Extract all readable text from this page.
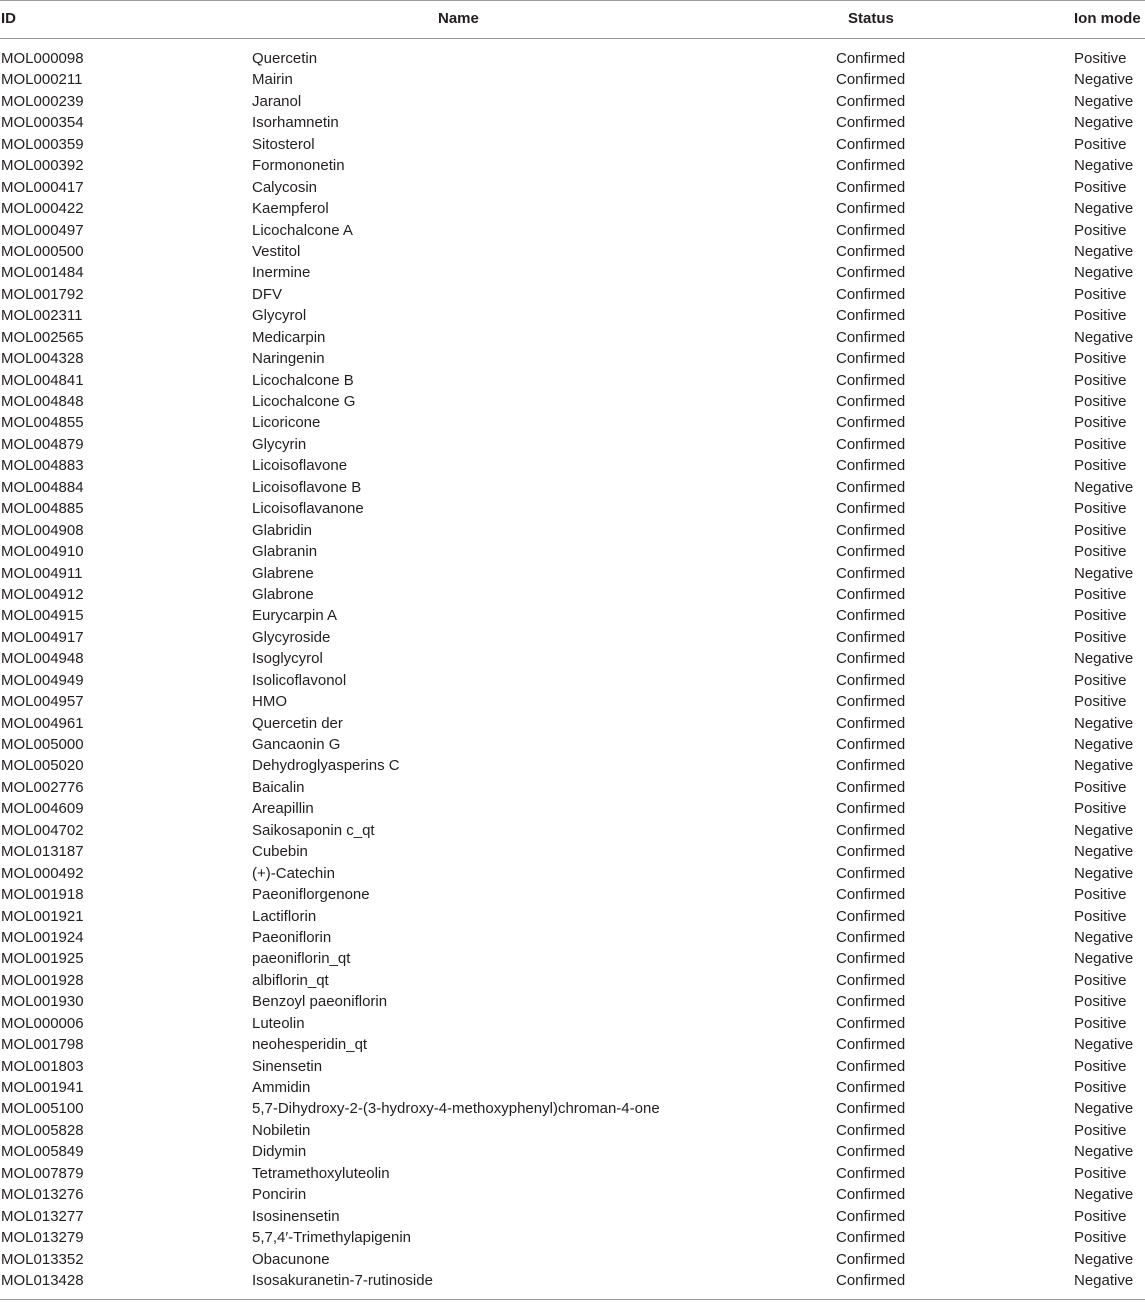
ID	Name	Status	Ion mode
MOL000098	Quercetin	Confirmed	Positive
MOL000211	Mairin	Confirmed	Negative
MOL000239	Jaranol	Confirmed	Negative
MOL000354	Isorhamnetin	Confirmed	Negative
MOL000359	Sitosterol	Confirmed	Positive
MOL000392	Formononetin	Confirmed	Negative
MOL000417	Calycosin	Confirmed	Positive
MOL000422	Kaempferol	Confirmed	Negative
MOL000497	Licochalcone A	Confirmed	Positive
MOL000500	Vestitol	Confirmed	Negative
MOL001484	Inermine	Confirmed	Negative
MOL001792	DFV	Confirmed	Positive
MOL002311	Glycyrol	Confirmed	Positive
MOL002565	Medicarpin	Confirmed	Negative
MOL004328	Naringenin	Confirmed	Positive
MOL004841	Licochalcone B	Confirmed	Positive
MOL004848	Licochalcone G	Confirmed	Positive
MOL004855	Licoricone	Confirmed	Positive
MOL004879	Glycyrin	Confirmed	Positive
MOL004883	Licoisoflavone	Confirmed	Positive
MOL004884	Licoisoflavone B	Confirmed	Negative
MOL004885	Licoisoflavanone	Confirmed	Positive
MOL004908	Glabridin	Confirmed	Positive
MOL004910	Glabranin	Confirmed	Positive
MOL004911	Glabrene	Confirmed	Negative
MOL004912	Glabrone	Confirmed	Positive
MOL004915	Eurycarpin A	Confirmed	Positive
MOL004917	Glycyroside	Confirmed	Positive
MOL004948	Isoglycyrol	Confirmed	Negative
MOL004949	Isolicoflavonol	Confirmed	Positive
MOL004957	HMO	Confirmed	Positive
MOL004961	Quercetin der	Confirmed	Negative
MOL005000	Gancaonin G	Confirmed	Negative
MOL005020	Dehydroglyasperins C	Confirmed	Negative
MOL002776	Baicalin	Confirmed	Positive
MOL004609	Areapillin	Confirmed	Positive
MOL004702	Saikosaponin c_qt	Confirmed	Negative
MOL013187	Cubebin	Confirmed	Negative
MOL000492	(+)-Catechin	Confirmed	Negative
MOL001918	Paeoniflorgenone	Confirmed	Positive
MOL001921	Lactiflorin	Confirmed	Positive
MOL001924	Paeoniflorin	Confirmed	Negative
MOL001925	paeoniflorin_qt	Confirmed	Negative
MOL001928	albiflorin_qt	Confirmed	Positive
MOL001930	Benzoyl paeoniflorin	Confirmed	Positive
MOL000006	Luteolin	Confirmed	Positive
MOL001798	neohesperidin_qt	Confirmed	Negative
MOL001803	Sinensetin	Confirmed	Positive
MOL001941	Ammidin	Confirmed	Positive
MOL005100	5,7-Dihydroxy-2-(3-hydroxy-4-methoxyphenyl)chroman-4-one	Confirmed	Negative
MOL005828	Nobiletin	Confirmed	Positive
MOL005849	Didymin	Confirmed	Negative
MOL007879	Tetramethoxyluteolin	Confirmed	Positive
MOL013276	Poncirin	Confirmed	Negative
MOL013277	Isosinensetin	Confirmed	Positive
MOL013279	5,7,4′-Trimethylapigenin	Confirmed	Positive
MOL013352	Obacunone	Confirmed	Negative
MOL013428	Isosakuranetin-7-rutinoside	Confirmed	Negative
